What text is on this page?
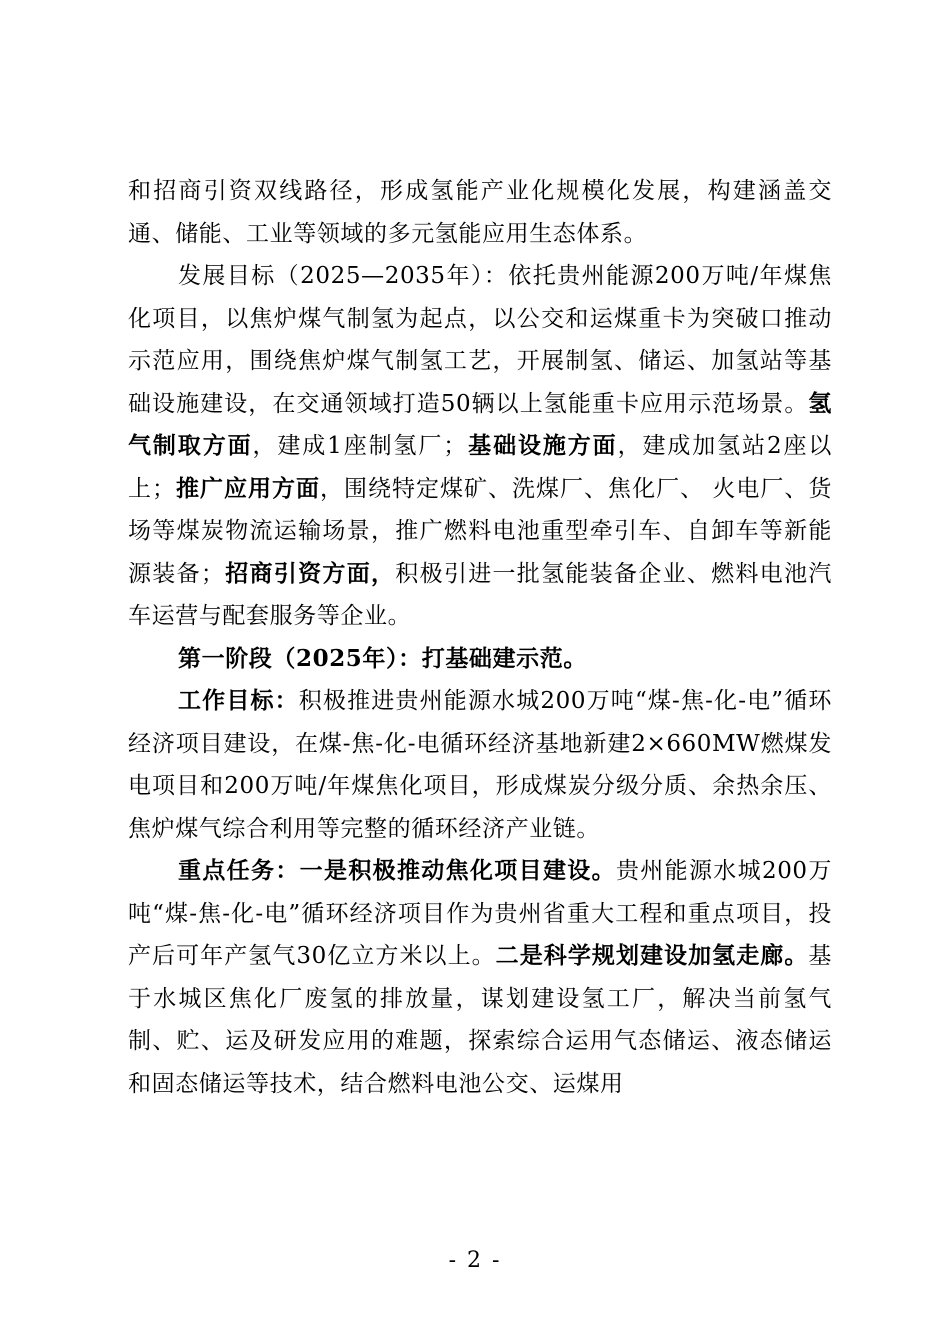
和招商引资双线路径，形成氢能产业化规模化发展，构建涵盖交通、储能、工业等领域的多元氢能应用生态体系。

发展目标（2025—2035年）：依托贵州能源200万吨/年煤焦化项目，以焦炉煤气制氢为起点，以公交和运煤重卡为突破口推动示范应用，围绕焦炉煤气制氢工艺，开展制氢、储运、加氢站等基础设施建设，在交通领域打造50辆以上氢能重卡应用示范场景。氢气制取方面，建成1座制氢厂；基础设施方面，建成加氢站2座以上；推广应用方面，围绕特定煤矿、洗煤厂、焦化厂、 火电厂、货场等煤炭物流运输场景，推广燃料电池重型牵引车、自卸车等新能源装备；招商引资方面，积极引进一批氢能装备企业、燃料电池汽车运营与配套服务等企业。

第一阶段（2025年）：打基础建示范。

工作目标：积极推进贵州能源水城200万吨“煤-焦-化-电”循环经济项目建设，在煤-焦-化-电循环经济基地新建2×660MW燃煤发电项目和200万吨/年煤焦化项目，形成煤炭分级分质、余热余压、焦炉煤气综合利用等完整的循环经济产业链。

重点任务：一是积极推动焦化项目建设。贵州能源水城200万吨“煤-焦-化-电”循环经济项目作为贵州省重大工程和重点项目，投产后可年产氢气30亿立方米以上。二是科学规划建设加氢走廊。基于水城区焦化厂废氢的排放量，谋划建设氢工厂，解决当前氢气制、贮、运及研发应用的难题，探索综合运用气态储运、液态储运和固态储运等技术，结合燃料电池公交、运煤用

- 2 -
